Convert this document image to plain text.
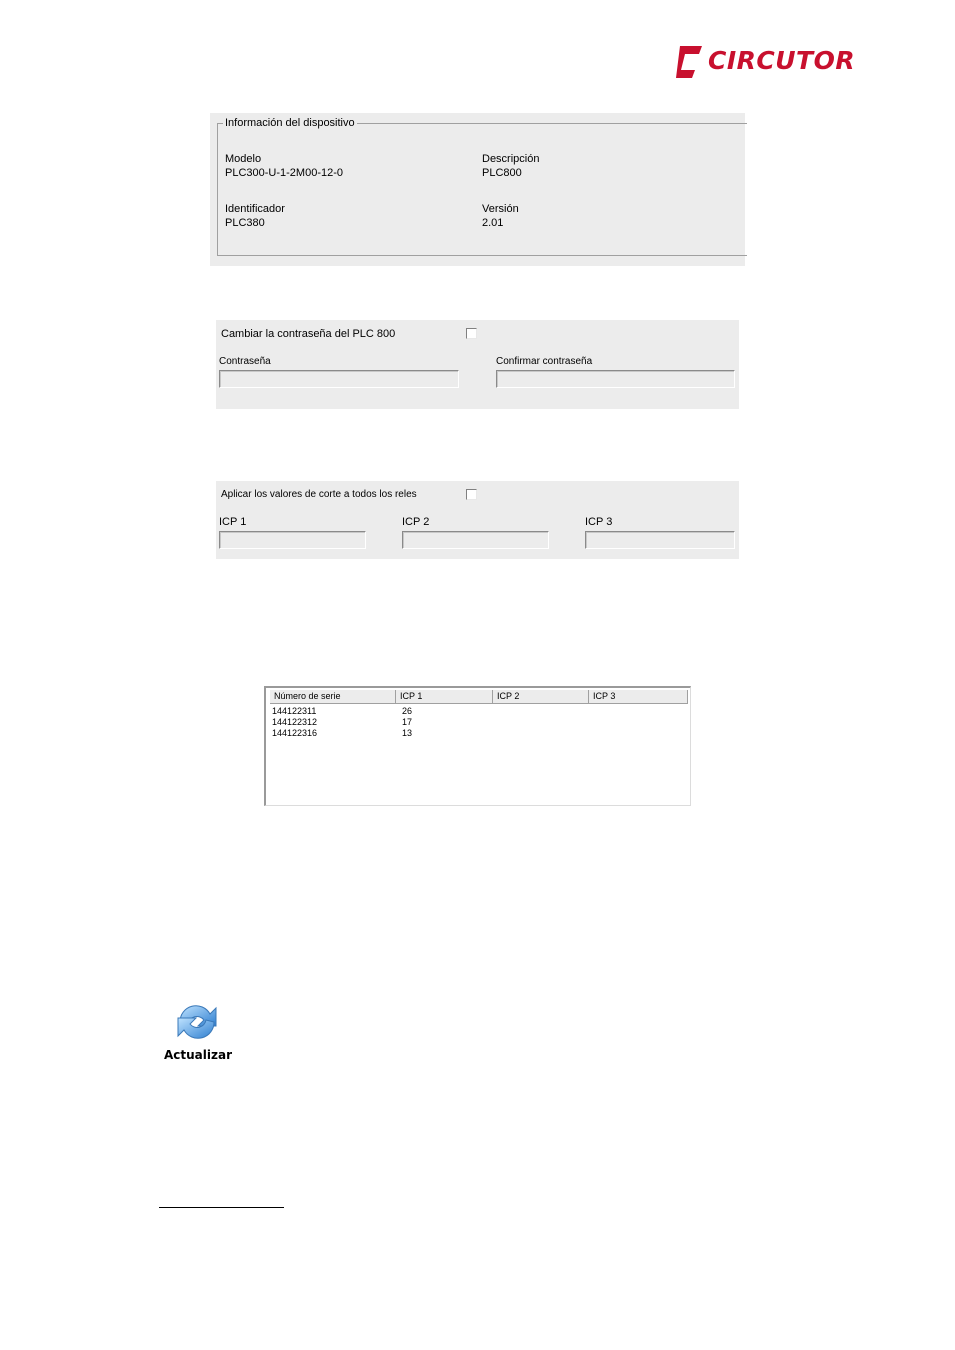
CIRCUTOR
Información del dispositivo
Modelo
PLC300-U-1-2M00-12-0
Descripción
PLC800
Identificador
PLC380
Versión
2.01
Cambiar la contraseña del PLC 800
Contraseña	Confirmar contraseña
Aplicar los valores de corte a todos los reles
ICP 1	ICP 2	ICP 3
Número de serie	ICP 1	ICP 2	ICP 3
144122311	26
144122312	17
144122316	13
Actualizar
